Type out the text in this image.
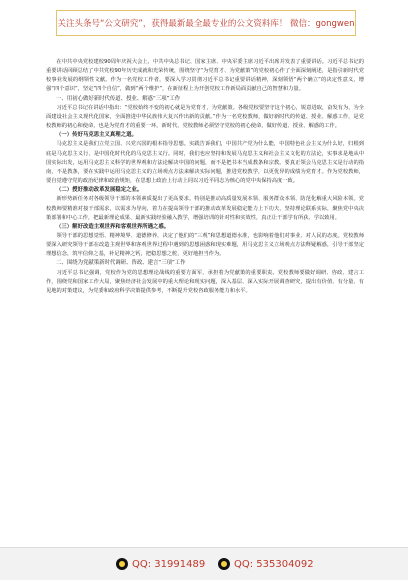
关注头条号“公文研究”，获得最新最全最专业的公文资料库！ 微信：gongwen

在中共中央党校建校90周年庆祝大会上，中共中央总书记、国家主席、中央军委主席习近平出席并发表了重要讲话。习近平总书记的重要讲话回顾总结了中共党校90年历史成就和光荣传统，围绕坚守“为党育才、为党献策”的党校初心作了全面深刻阐述，是指引新时代党校事业发展的纲领性文献。作为一名党校工作者，要深入学习贯彻习近平总书记重要讲话精神，深刻领悟“两个确立”的决定性意义，增强“四个意识”，坚定“四个自信”，做到“两个维护”，在新征程上为开创党校工作新局面贡献自己的智慧和力量。

一、用初心做好新时代传道、授业、解惑“三项”工作

习近平总书记在讲话中指出：“党校始终不变的初心就是为党育才，为党献策。各级党校要坚守这个初心，锐意进取，奋发有为，为全面建设社会主义现代化国家，全面推进中华民族伟大复兴作出新的贡献。”作为一名党校教师，做好新时代的传道、授业、解惑工作，是党校教师的初心和使命，也是为党育才的重要一环。新时代，党校教师必须坚守党校的初心使命，做好传道、授业、解惑的工作。

（一）传好马克思主义真理之道。

马克思主义是我们立党立国、兴党兴国的根本指导思想。实践告诉我们，中国共产党为什么能，中国特色社会主义为什么好，归根到底是马克思主义行，是中国化时代化的马克思主义行。同时，我们也应坚持和发展马克思主义和社会主义文化的方法论，实事求是地从中国实际出发，运用马克思主义科学的世界观和方法论解决中国的问题，而不是把书本当成教条和宗教。要真正领会马克思主义是行动的指南，不是教条，要在实践中运用马克思主义的立场观点方法来解决实际问题，推进党校教学，以更优异的成绩为党育才。作为党校教师，要自觉遵守党的政治纪律和政治规矩，在思想上政治上行动上同以习近平同志为核心的党中央保持高度一致。

（二）授好推动改革发展稳定之业。

新形势新任务对各级领导干部的本领素质提出了更高要求。特别是推动高质量发展本领、服务群众本领、防范化解重大风险本领。党校教师要精准对接干部需求，以需求为导向，着力在提高领导干部的推动改革发展稳定能力上下功夫，坚持理论联系实际，聚焦党中央决策部署和中心工作，把最新理论成果、最新实践经验融入教学，增强培训的针对性和实效性，真正让干部学有所获、学以致用。

（三）解好改造主观世界和客观世界所遇之惑。

领导干部的思想觉悟、精神境界、道德修养，决定了他们的“三观”和思想道德水准，也影响着他们对事业、对人民的态度。党校教师要深入研究领导干部在改造主观世界和客观世界过程中遇到的思想困惑和现实难题，用马克思主义立场观点方法释疑解惑，引导干部坚定理想信念，筑牢信仰之基，补足精神之钙，把稳思想之舵，更好地担当作为。

二、围绕为党献策新时代调研、咨政、建言“三项”工作

习近平总书记强调，党校作为党的思想理论战线的重要方面军，承担着为党献策的重要职责。党校教师要做好调研、咨政、建言工作，围绕党和国家工作大局，聚焦经济社会发展中的重大理论和现实问题，深入基层、深入实际开展调查研究，提出有价值、有分量、有见地的对策建议，为党委和政府科学决策提供参考，不断提升党校咨政服务能力和水平。

QQ: 31991489	QQ: 535304092
